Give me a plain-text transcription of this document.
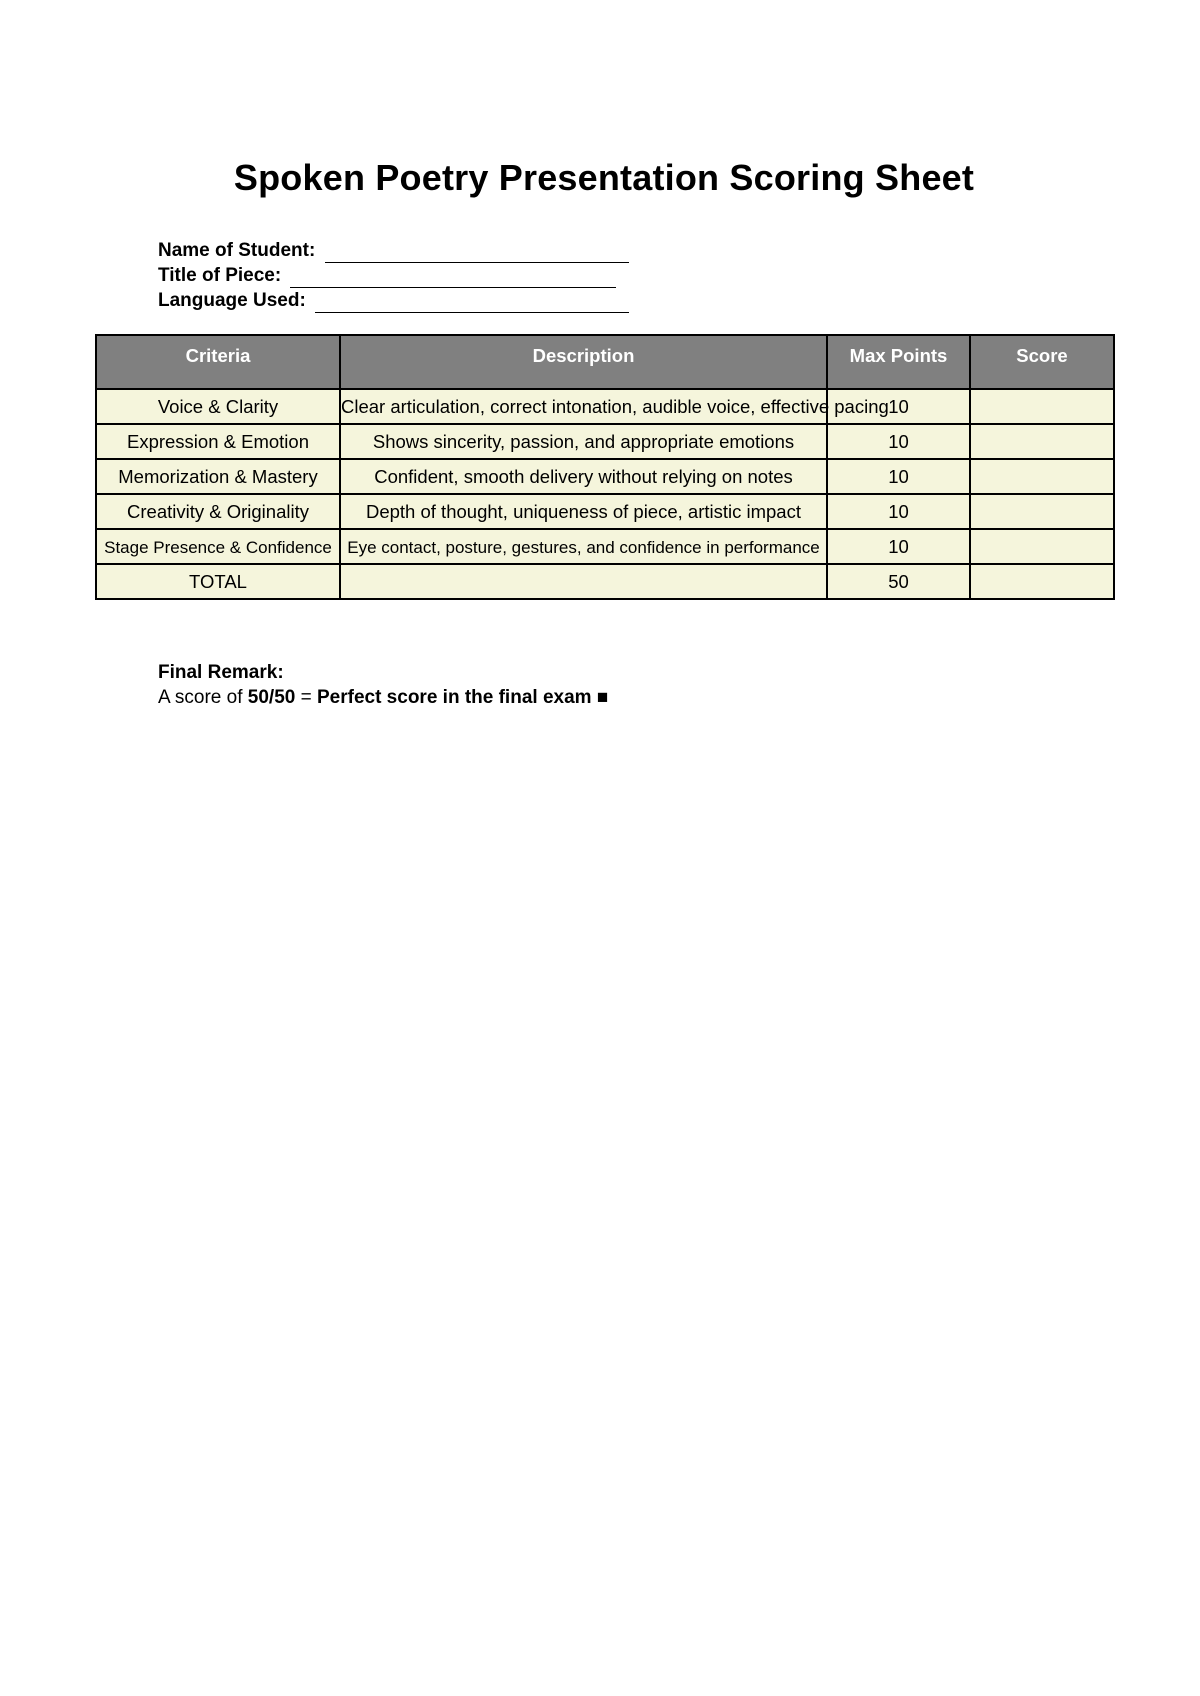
Spoken Poetry Presentation Scoring Sheet
Name of Student:
Title of Piece:
Language Used:
Criteria	Description	Max Points	Score
Voice & Clarity	Clear articulation, correct intonation, audible voice, effective pacing	10	
Expression & Emotion	Shows sincerity, passion, and appropriate emotions	10	
Memorization & Mastery	Confident, smooth delivery without relying on notes	10	
Creativity & Originality	Depth of thought, uniqueness of piece, artistic impact	10	
Stage Presence & Confidence	Eye contact, posture, gestures, and confidence in performance	10	
TOTAL		50	
Final Remark:
A score of 50/50 = Perfect score in the final exam ■
